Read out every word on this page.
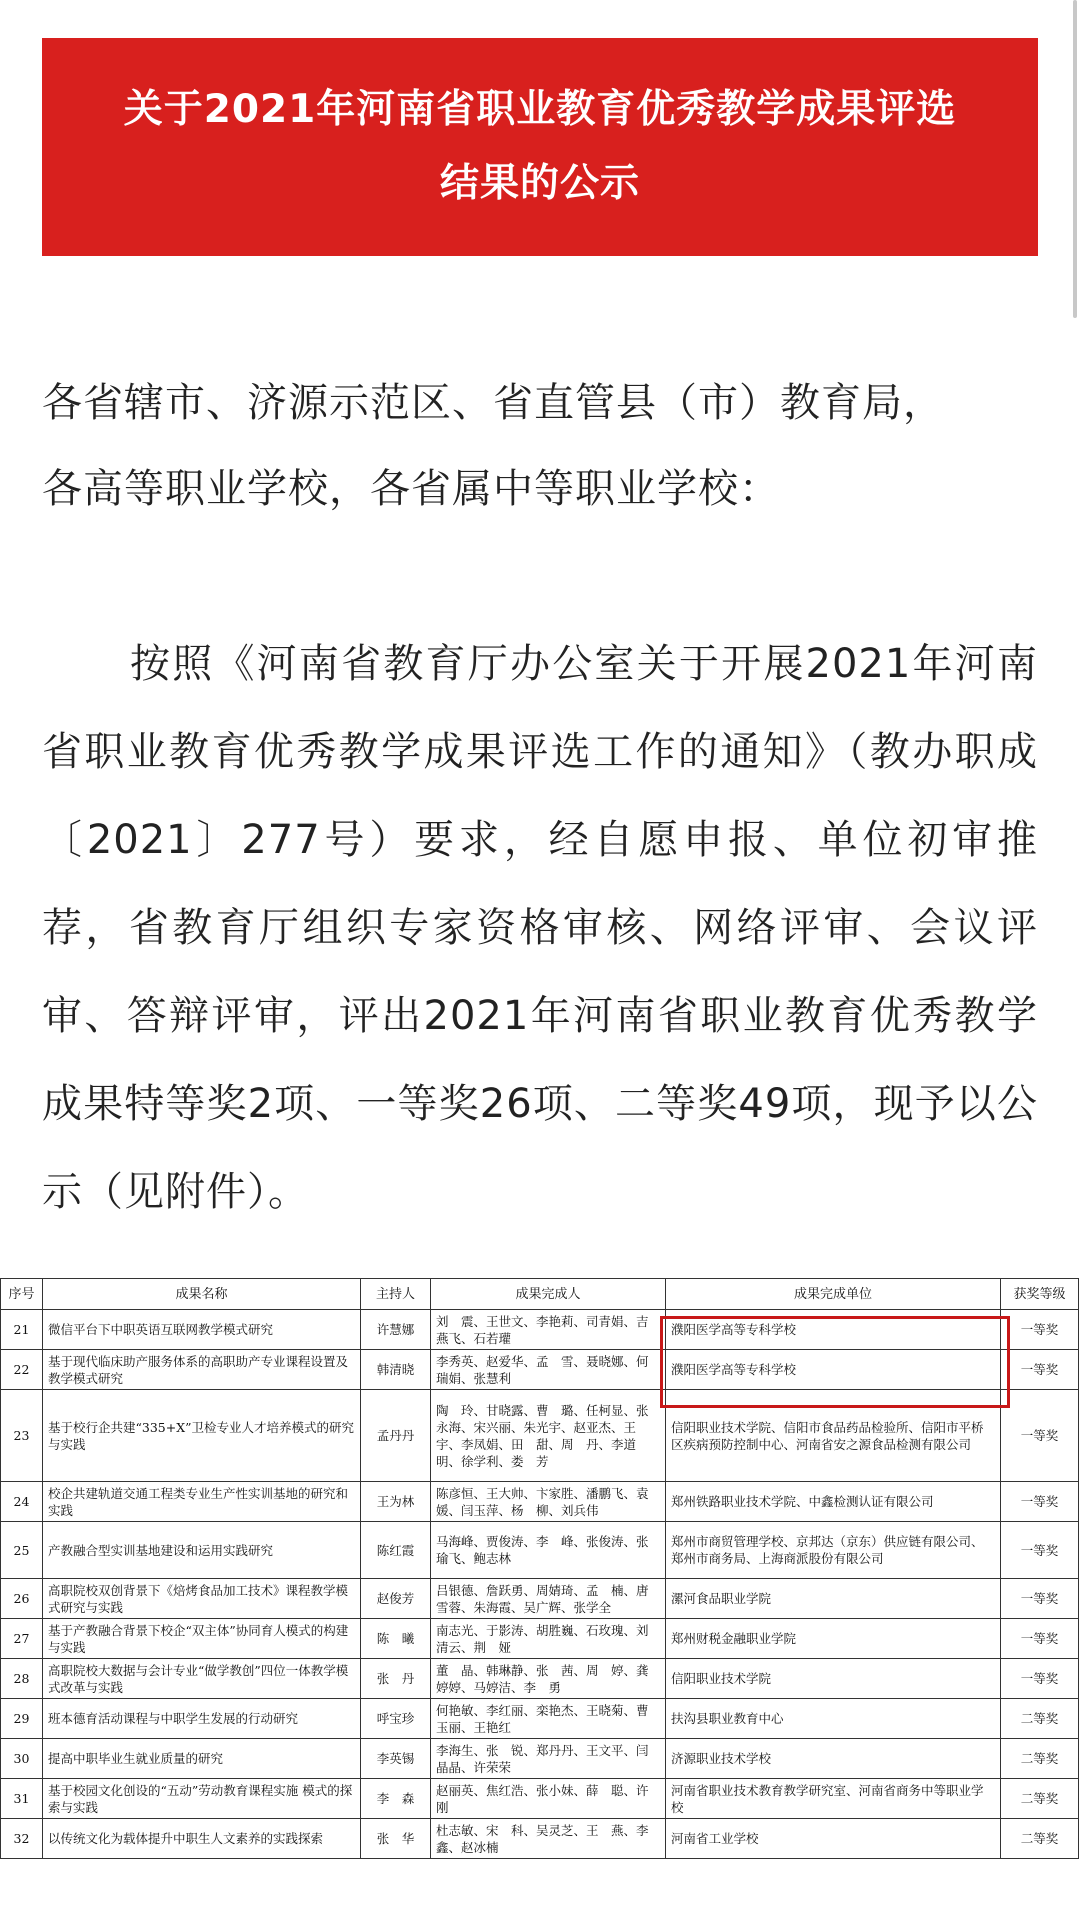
关于2021年河南省职业教育优秀教学成果评选
结果的公示
各省辖市、济源示范区、省直管县（市）教育局，
各高等职业学校，各省属中等职业学校：
按照《河南省教育厅办公室关于开展2021年河南省职业教育优秀教学成果评选工作的通知》（教办职成〔2021〕277号）要求，经自愿申报、单位初审推荐，省教育厅组织专家资格审核、网络评审、会议评审、答辩评审，评出2021年河南省职业教育优秀教学成果特等奖2项、一等奖26项、二等奖49项，现予以公示（见附件）。
序号	成果名称	主持人	成果完成人	成果完成单位	获奖等级
21	微信平台下中职英语互联网教学模式研究	许慧娜	刘　震、王世文、李艳莉、司青娟、吉燕飞、石若瓘	濮阳医学高等专科学校	一等奖
22	基于现代临床助产服务体系的高职助产专业课程设置及教学模式研究	韩清晓	李秀英、赵爱华、孟　雪、聂晓娜、何瑞娟、张慧利	濮阳医学高等专科学校	一等奖
23	基于校行企共建“335+X”卫检专业人才培养模式的研究与实践	孟丹丹	陶　玲、甘晓露、曹　璐、任柯显、张永海、宋兴丽、朱光宇、赵亚杰、王　宇、李凤娟、田　甜、周　丹、李道明、徐学利、娄　芳	信阳职业技术学院、信阳市食品药品检验所、信阳市平桥区疾病预防控制中心、河南省安之源食品检测有限公司	一等奖
24	校企共建轨道交通工程类专业生产性实训基地的研究和实践	王为林	陈彦恒、王大帅、卞家胜、潘鹏飞、袁　媛、闫玉萍、杨　柳、刘兵伟	郑州铁路职业技术学院、中鑫检测认证有限公司	一等奖
25	产教融合型实训基地建设和运用实践研究	陈红霞	马海峰、贾俊涛、李　峰、张俊涛、张瑜飞、鲍志林	郑州市商贸管理学校、京邦达（京东）供应链有限公司、郑州市商务局、上海商派股份有限公司	一等奖
26	高职院校双创背景下《焙烤食品加工技术》课程教学模式研究与实践	赵俊芳	吕银德、詹跃勇、周婧琦、孟　楠、唐雪蓉、朱海霞、吴广辉、张学全	漯河食品职业学院	一等奖
27	基于产教融合背景下校企“双主体”协同育人模式的构建与实践	陈　曦	南志光、于影涛、胡胜巍、石玫瑰、刘清云、荆　娅	郑州财税金融职业学院	一等奖
28	高职院校大数据与会计专业“做学教创”四位一体教学模式改革与实践	张　丹	董　晶、韩琳静、张　茜、周　婷、龚婷婷、马婷洁、李　勇	信阳职业技术学院	一等奖
29	班本德育活动课程与中职学生发展的行动研究	呼宝珍	何艳敏、李红丽、栾艳杰、王晓菊、曹玉丽、王艳红	扶沟县职业教育中心	二等奖
30	提高中职毕业生就业质量的研究	李英锡	李海生、张　锐、郑丹丹、王文平、闫晶晶、许荣荣	济源职业技术学校	二等奖
31	基于校园文化创设的“五动”劳动教育课程实施 模式的探索与实践	李　森	赵丽英、焦红浩、张小妹、薛　聪、许　刚	河南省职业技术教育教学研究室、河南省商务中等职业学校	二等奖
32	以传统文化为载体提升中职生人文素养的实践探索	张　华	杜志敏、宋　科、吴灵芝、王　燕、李　鑫、赵冰楠	河南省工业学校	二等奖
